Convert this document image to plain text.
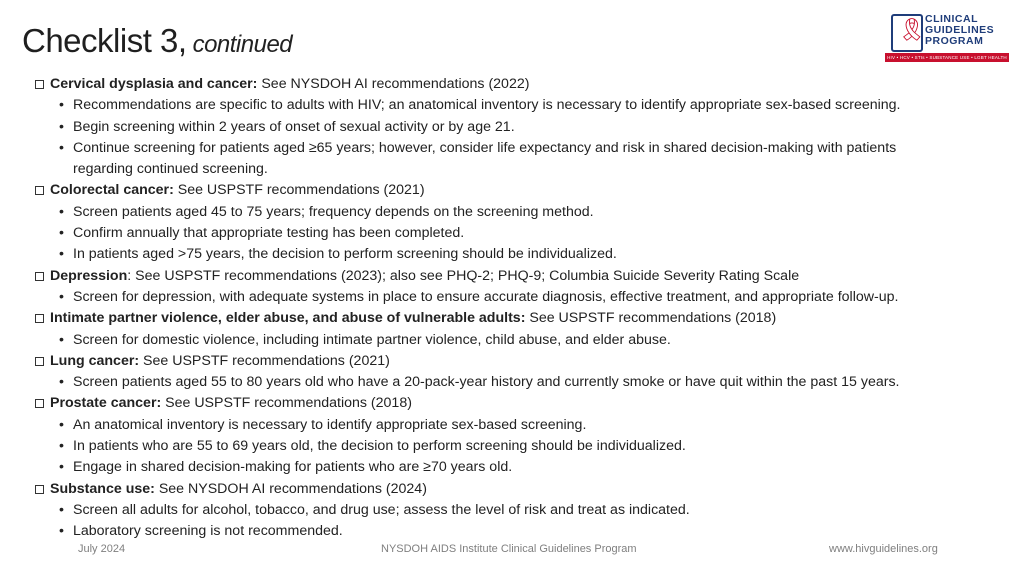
Checklist 3, continued
🎗︎ CLINICAL
GUIDELINES
PROGRAM
HIV • HCV • STIs • SUBSTANCE USE • LGBT HEALTH
Cervical dysplasia and cancer: See NYSDOH AI recommendations (2022)
• Recommendations are specific to adults with HIV; an anatomical inventory is necessary to identify appropriate sex-based screening.
• Begin screening within 2 years of onset of sexual activity or by age 21.
• Continue screening for patients aged ≥65 years; however, consider life expectancy and risk in shared decision-making with patients regarding continued screening.
Colorectal cancer: See USPSTF recommendations (2021)
• Screen patients aged 45 to 75 years; frequency depends on the screening method.
• Confirm annually that appropriate testing has been completed.
• In patients aged >75 years, the decision to perform screening should be individualized.
Depression: See USPSTF recommendations (2023); also see PHQ-2; PHQ-9; Columbia Suicide Severity Rating Scale
• Screen for depression, with adequate systems in place to ensure accurate diagnosis, effective treatment, and appropriate follow-up.
Intimate partner violence, elder abuse, and abuse of vulnerable adults: See USPSTF recommendations (2018)
• Screen for domestic violence, including intimate partner violence, child abuse, and elder abuse.
Lung cancer: See USPSTF recommendations (2021)
• Screen patients aged 55 to 80 years old who have a 20-pack-year history and currently smoke or have quit within the past 15 years.
Prostate cancer: See USPSTF recommendations (2018)
• An anatomical inventory is necessary to identify appropriate sex-based screening.
• In patients who are 55 to 69 years old, the decision to perform screening should be individualized.
• Engage in shared decision-making for patients who are ≥70 years old.
Substance use: See NYSDOH AI recommendations (2024)
• Screen all adults for alcohol, tobacco, and drug use; assess the level of risk and treat as indicated.
• Laboratory screening is not recommended.
July 2024	NYSDOH AIDS Institute Clinical Guidelines Program	www.hivguidelines.org
